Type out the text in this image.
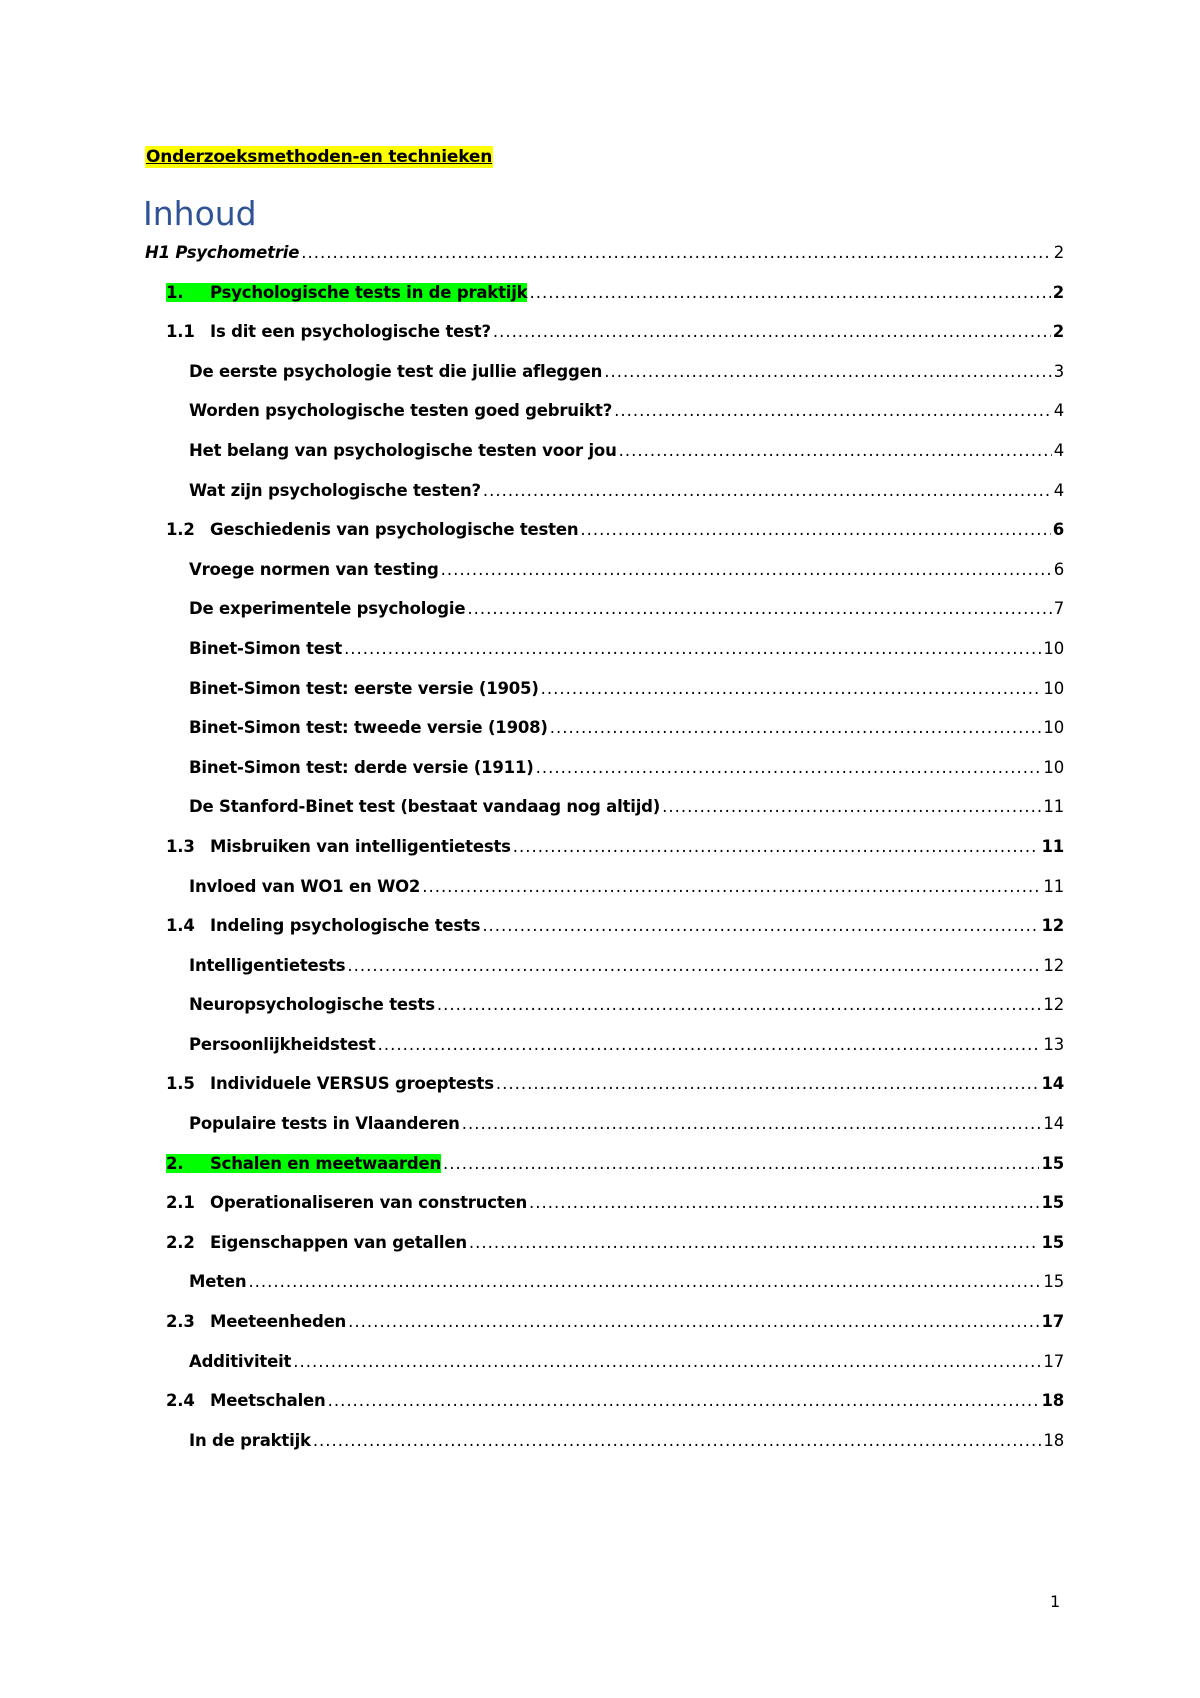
Onderzoeksmethoden-en technieken
Inhoud
H1 Psychometrie .....	2
1. Psychologische tests in de praktijk .....	2
1.1 Is dit een psychologische test? .....	2
De eerste psychologie test die jullie afleggen .....	3
Worden psychologische testen goed gebruikt? .....	4
Het belang van psychologische testen voor jou .....	4
Wat zijn psychologische testen? .....	4
1.2 Geschiedenis van psychologische testen .....	6
Vroege normen van testing .....	6
De experimentele psychologie .....	7
Binet-Simon test .....	10
Binet-Simon test: eerste versie (1905) .....	10
Binet-Simon test: tweede versie (1908) .....	10
Binet-Simon test: derde versie (1911) .....	10
De Stanford-Binet test (bestaat vandaag nog altijd) .....	11
1.3 Misbruiken van intelligentietests .....	11
Invloed van WO1 en WO2 .....	11
1.4 Indeling psychologische tests .....	12
Intelligentietests .....	12
Neuropsychologische tests .....	12
Persoonlijkheidstest .....	13
1.5 Individuele VERSUS groeptests .....	14
Populaire tests in Vlaanderen .....	14
2. Schalen en meetwaarden .....	15
2.1 Operationaliseren van constructen .....	15
2.2 Eigenschappen van getallen .....	15
Meten .....	15
2.3 Meeteenheden .....	17
Additiviteit .....	17
2.4 Meetschalen .....	18
In de praktijk .....	18
1
